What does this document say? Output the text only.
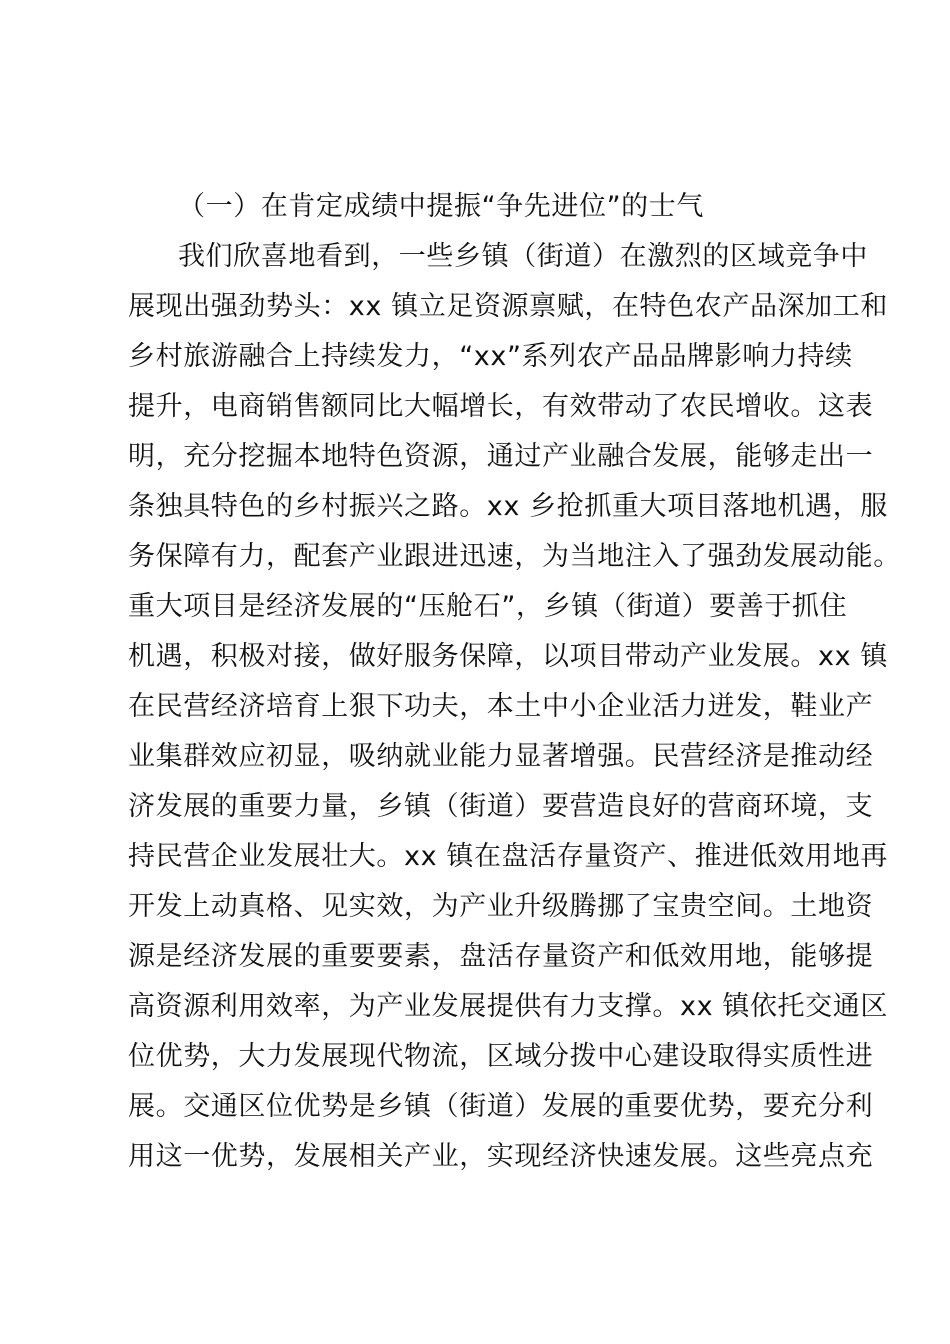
（一）在肯定成绩中提振“争先进位”的士气
我们欣喜地看到，一些乡镇（街道）在激烈的区域竞争中
展现出强劲势头：xx 镇立足资源禀赋，在特色农产品深加工和
乡村旅游融合上持续发力，“xx”系列农产品品牌影响力持续
提升，电商销售额同比大幅增长，有效带动了农民增收。这表
明，充分挖掘本地特色资源，通过产业融合发展，能够走出一
条独具特色的乡村振兴之路。xx 乡抢抓重大项目落地机遇，服
务保障有力，配套产业跟进迅速，为当地注入了强劲发展动能。
重大项目是经济发展的“压舱石”，乡镇（街道）要善于抓住
机遇，积极对接，做好服务保障，以项目带动产业发展。xx 镇
在民营经济培育上狠下功夫，本土中小企业活力迸发，鞋业产
业集群效应初显，吸纳就业能力显著增强。民营经济是推动经
济发展的重要力量，乡镇（街道）要营造良好的营商环境，支
持民营企业发展壮大。xx 镇在盘活存量资产、推进低效用地再
开发上动真格、见实效，为产业升级腾挪了宝贵空间。土地资
源是经济发展的重要要素，盘活存量资产和低效用地，能够提
高资源利用效率，为产业发展提供有力支撑。xx 镇依托交通区
位优势，大力发展现代物流，区域分拨中心建设取得实质性进
展。交通区位优势是乡镇（街道）发展的重要优势，要充分利
用这一优势，发展相关产业，实现经济快速发展。这些亮点充
